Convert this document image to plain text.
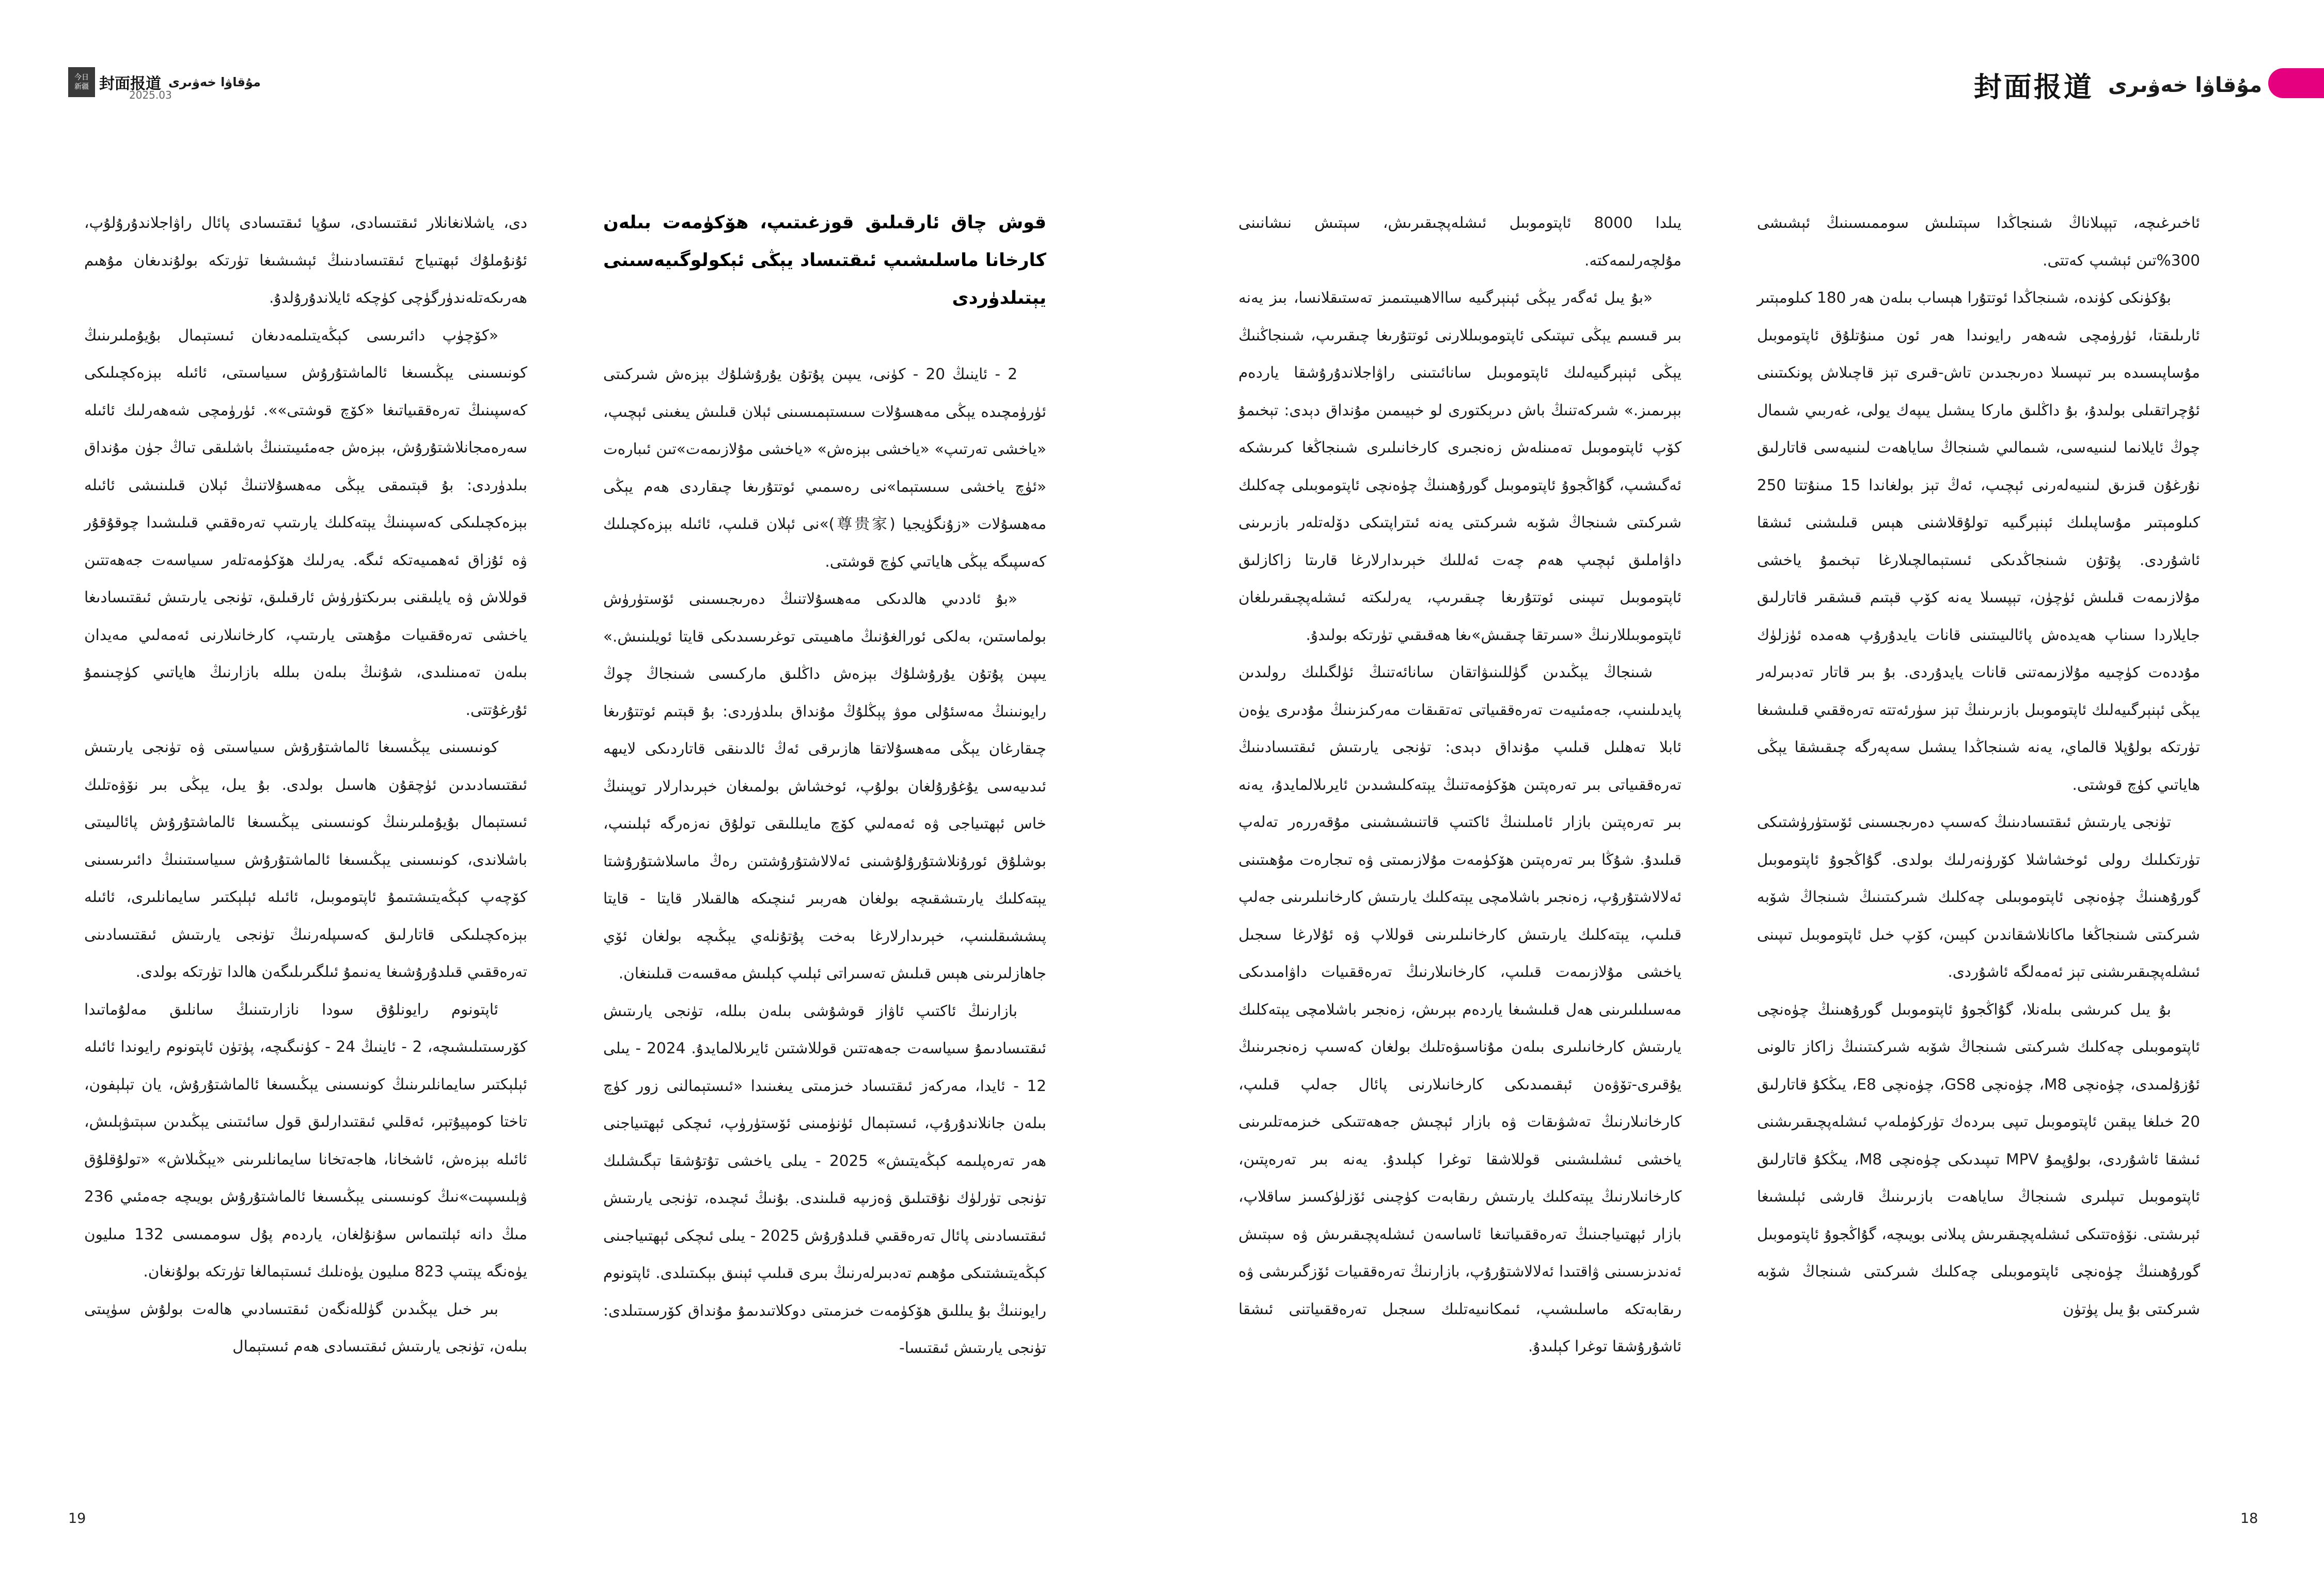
今日
新疆 封面报道 مۇقاۋا خەۋىرى
2025.03	مۇقاۋا خەۋىرى
封面报道

ئاخىرغىچە، تېپىلاناڭ شىنجاڭدا سېتىلىش سوممىسىنىڭ ئېشىشى 300%تىن ئېشىپ كەتتى.

بۇكۈنكى كۈندە، شىنجاڭدا ئوتتۇرا ھېساب بىلەن ھەر 180 كىلومېتىر ئارىلىقتا، ئۈرۈمچى شەھەر رايونىدا ھەر ئون مىنۇتلۇق ئاپتوموبىل مۇساپىسىدە بىر تىپسىلا دەرىجىدىن تاش-قىرى تېز قاچىلاش پونكىتىنى ئۇچراتقىلى بولىدۇ، بۇ داڭلىق ماركا يىشىل يىپەك يولى، غەربىي شىمال چوڭ ئايلانما لىنىيەسى، شىمالىي شىنجاڭ ساياھەت لىنىيەسى قاتارلىق نۇرغۇن قىزىق لىنىيەلەرنى ئېچىپ، ئەڭ تېز بولغاندا 15 مىنۇتتا 250 كىلومېتىر مۇساپىلىك ئېنېرگىيە تولۇقلاشنى ھېس قىلىشنى ئىشقا ئاشۇردى. پۇتۇن شىنجاڭدىكى ئىستېمالچىلارغا تېخىمۇ ياخشى مۇلازىمەت قىلىش ئۈچۈن، تېپسىلا يەنە كۆپ قېتىم قىشقىر قاتارلىق جايلاردا سىناپ ھەيدەش پائالىيىتىنى قانات يايدۇرۇپ ھەمدە ئۈزلۈك مۇددەت كۈچىيە مۇلازىمەتنى قانات يايدۇردى. بۇ بىر قاتار تەدبىرلەر يېڭى ئېنېرگىيەلىك ئاپتوموبىل بازىرىنىڭ تېز سۈرئەتتە تەرەققىي قىلىشىغا تۈرتكە بولۇپلا قالماي، يەنە شىنجاڭدا يىشىل سەپەرگە چىقىشقا يېڭى ھاياتىي كۈچ قوشتى.

تۈنجى يارىتىش ئىقتىسادىنىڭ كەسىپ دەرىجىسىنى ئۆستۈرۈشتىكى تۈرتكىلىك رولى ئوخشاشلا كۆرۈنەرلىك بولدى. گۇاڭجوۇ ئاپتوموبىل گورۇھىنىڭ چۈەنچى ئاپتوموبىلى چەكلىك شىركىتىنىڭ شىنجاڭ شۆبە شىركىتى شىنجاڭغا ماكانلاشقاندىن كېيىن، كۆپ خىل ئاپتوموبىل تىپىنى ئىشلەپچىقىرىشنى تېز ئەمەلگە ئاشۇردى.

بۇ يىل كىرىشى بىلەنلا، گۇاڭجوۇ ئاپتوموبىل گورۇھىنىڭ چۈەنچى ئاپتوموبىلى چەكلىك شىركىتى شىنجاڭ شۆبە شىركىتىنىڭ زاكاز تالونى ئۇزۇلمىدى، چۈەنچى M8، چۈەنچى GS8، چۈەنچى E8، يىڭكۇ قاتارلىق 20 خىلغا يېقىن ئاپتوموبىل تىپى بىردەك تۈركۈملەپ ئىشلەپچىقىرىشنى ئىشقا ئاشۇردى، بولۇپمۇ MPV تىپىدىكى چۈەنچى M8، يىڭكۇ قاتارلىق ئاپتوموبىل تىپلىرى شىنجاڭ ساياھەت بازىرىنىڭ قارشى ئېلىشىغا ئېرىشتى. نۆۋەتتىكى ئىشلەپچىقىرىش پىلانى بويىچە، گۇاڭجوۇ ئاپتوموبىل گورۇھىنىڭ چۈەنچى ئاپتوموبىلى چەكلىك شىركىتى شىنجاڭ شۆبە شىركىتى بۇ يىل پۈتۈن

يىلدا 8000 ئاپتوموبىل ئىشلەپچىقىرىش، سېتىش نىشانىنى مۇلچەرلىمەكتە.

«بۇ يىل ئەگەر يېڭى ئېنېرگىيە ساالاھىيىتىمىز تەستىقلانسا، بىز يەنە بىر قىسىم يېڭى تىپتىكى ئاپتوموبىللارنى ئوتتۇرىغا چىقىرىپ، شىنجاڭنىڭ يېڭى ئېنېرگىيەلىك ئاپتوموبىل سانائىتىنى راۋاجلاندۇرۇشقا ياردەم بېرىمىز.» شىركەتنىڭ باش دىرېكتورى لو خېيىمىن مۇنداق دېدى: تېخىمۇ كۆپ ئاپتوموبىل تەمىنلەش زەنجىرى كارخانىلىرى شىنجاڭغا كىرىشكە ئەگىشىپ، گۇاڭجوۇ ئاپتوموبىل گورۇھىنىڭ چۈەنچى ئاپتوموبىلى چەكلىك شىركىتى شىنجاڭ شۆبە شىركىتى يەنە ئىتراپتىكى دۆلەتلەر بازىرىنى داۋاملىق ئېچىپ ھەم چەت ئەللىك خېرىدارلارغا قارىتا زاكازلىق ئاپتوموبىل تىپىنى ئوتتۇرىغا چىقىرىپ، يەرلىكتە ئىشلەپچىقىرىلغان ئاپتوموبىللارنىڭ «سىرتقا چىقىش»ىغا ھەقىقىي تۈرتكە بولىدۇ.

شىنجاڭ يېڭىدىن گۈللىنىۋاتقان سانائەتنىڭ ئۈلگىلىك رولىدىن پايدىلىنىپ، جەمئىيەت تەرەققىياتى تەتقىقات مەركىزىنىڭ مۇدىرى يۈەن ئابلا تەھلىل قىلىپ مۇنداق دېدى: تۈنجى يارىتىش ئىقتىسادىنىڭ تەرەققىياتى بىر تەرەپتىن ھۆكۈمەتنىڭ يېتەكلىشىدىن ئايرىلالمايدۇ، يەنە بىر تەرەپتىن بازار ئامىلىنىڭ ئاكتىپ قاتنىشىشىنى مۇقەررەر تەلەپ قىلىدۇ. شۇڭا بىر تەرەپتىن ھۆكۈمەت مۇلازىمىتى ۋە تىجارەت مۇھىتىنى ئەلالاشتۇرۇپ، زەنجىر باشلامچى يېتەكلىك يارىتىش كارخانىلىرىنى جەلپ قىلىپ، يېتەكلىك يارىتىش كارخانىلىرىنى قوللاپ ۋە ئۇلارغا سىجىل ياخشى مۇلازىمەت قىلىپ، كارخانىلارنىڭ تەرەققىيات داۋامىدىكى مەسىلىلىرىنى ھەل قىلىشىغا ياردەم بېرىش، زەنجىر باشلامچى يېتەكلىك يارىتىش كارخانىلىرى بىلەن مۇناسىۋەتلىك بولغان كەسىپ زەنجىرىنىڭ يۇقىرى-تۆۋەن ئېقىمىدىكى كارخانىلارنى پائال جەلپ قىلىپ، كارخانىلارنىڭ تەشۋىقات ۋە بازار ئېچىش جەھەتتىكى خىزمەتلىرىنى ياخشى ئىشلىشىنى قوللاشقا توغرا كېلىدۇ. يەنە بىر تەرەپتىن، كارخانىلارنىڭ يېتەكلىك يارىتىش رىقابەت كۈچىنى ئۆزلۈكسىز ساقلاپ، بازار ئېھتىياجىنىڭ تەرەققىياتىغا ئاساسەن ئىشلەپچىقىرىش ۋە سېتىش ئەندىزىسىنى ۋاقتىدا ئەلالاشتۇرۇپ، بازارنىڭ تەرەققىيات ئۆزگىرىشى ۋە رىقابەتكە ماسلىشىپ، ئىمكانىيەتلىك سىجىل تەرەققىياتنى ئىشقا ئاشۇرۇشقا توغرا كېلىدۇ.

قوش چاق ئارقىلىق قوزغىتىپ، ھۆكۈمەت بىلەن كارخانا ماسلىشىپ ئىقتىساد يېڭى ئېكولوگىيەسىنى يېتىلدۈردى

2 - ئاينىڭ 20 - كۈنى، يىپىن پۇتۇن يۇرۇشلۇك بېزەش شىركىتى ئۈرۈمچىدە يېڭى مەھسۇلات سىستېمىسىنى ئېلان قىلىش يىغىنى ئېچىپ، «ياخشى تەرتىپ» «ياخشى بېزەش» «ياخشى مۇلازىمەت»تىن ئىبارەت «ئۈچ ياخشى سىستېما»نى رەسمىي ئوتتۇرىغا چىقاردى ھەم يېڭى مەھسۇلات «زۇنگۈيجيا (尊贵家)»نى ئېلان قىلىپ، ئائىلە بېزەكچىلىك كەسپىگە يېڭى ھاياتىي كۈچ قوشتى.

«بۇ ئاددىي ھالدىكى مەھسۇلاتنىڭ دەرىجىسىنى ئۆستۈرۈش بولماستىن، بەلكى ئورالغۇنىڭ ماھىيىتى توغرىسىدىكى قايتا ئويلىنىش.» يىپىن پۇتۇن يۇرۇشلۇك بېزەش داڭلىق ماركىسى شىنجاڭ چوڭ رايونىنىڭ مەسئۇلى موۋ پېڭلۇڭ مۇنداق بىلدۈردى: بۇ قېتىم ئوتتۇرىغا چىقارغان يېڭى مەھسۇلاتقا ھازىرقى ئەڭ ئالدىنقى قاتاردىكى لايىھە ئىدىيەسى يۇغۇرۇلغان بولۇپ، ئوخشاش بولمىغان خېرىدارلار توپىنىڭ خاس ئېھتىياجى ۋە ئەمەلىي كۆچ مايىللىقى تولۇق نەزەرگە ئېلىنىپ، بوشلۇق ئورۇنلاشتۇرۇلۇشىنى ئەلالاشتۇرۇشتىن رەڭ ماسلاشتۇرۇشتا يېتەكلىك يارىتىشقىچە بولغان ھەربىر ئىنچىكە ھالقىلار قايتا - قايتا پىششىقلىنىپ، خېرىدارلارغا بەخت پۇتۇنلەي يېڭىچە بولغان ئۆي جاھازلىرىنى ھېس قىلىش تەسىراتى ئېلىپ كېلىش مەقسەت قىلىنغان.

بازارنىڭ ئاكتىپ ئاۋاز قوشۇشى بىلەن بىللە، تۈنجى يارىتىش ئىقتىسادىمۇ سىياسەت جەھەتتىن قوللاشتىن ئايرىلالمايدۇ. 2024 - يىلى 12 - ئايدا، مەركەز ئىقتىساد خىزمىتى يىغىنىدا «ئىستېمالنى زور كۈچ بىلەن جانلاندۇرۇپ، ئىستېمال ئۈنۈمىنى ئۆستۈرۈپ، ئىچكى ئېھتىياجنى ھەر تەرەپلىمە كېڭەيتىش» 2025 - يىلى ياخشى تۇتۇشقا تېگىشلىك تۈنجى تۈرلۈك نۇقتىلىق ۋەزىپە قىلىندى. بۇنىڭ ئىچىدە، تۈنجى يارىتىش ئىقتىسادىنى پائال تەرەققىي قىلدۇرۇش 2025 - يىلى ئىچكى ئېھتىياجىنى كېڭەيتىشتىكى مۇھىم تەدبىرلەرنىڭ بىرى قىلىپ ئېنىق بېكىتىلدى. ئاپتونوم رايوننىڭ بۇ يىللىق ھۆكۈمەت خىزمىتى دوكلاتىدىمۇ مۇنداق كۆرسىتىلدى: تۈنجى يارىتىش ئىقتىسا-

دى، ياشلانغانلار ئىقتىسادى، سۇپا ئىقتىسادى پائال راۋاجلاندۇرۇلۇپ، ئۇنۇملۇك ئېھتىياج ئىقتىسادىنىڭ ئېشىشىغا تۈرتكە بولۇندىغان مۇھىم ھەرىكەتلەندۈرگۈچى كۈچكە ئايلاندۇرۇلدۇ.

«كۆچۈپ دائىرىسى كېڭەيتىلمەدىغان ئىستېمال بۇيۇملىرىنىڭ كونىسىنى يېڭىسىغا ئالماشتۇرۇش سىياسىتى، ئائىلە بېزەكچىلىكى كەسپىنىڭ تەرەققىياتىغا «كۆچ قوشتى»». ئۈرۈمچى شەھەرلىك ئائىلە سەرەمجانلاشتۇرۇش، بېزەش جەمئىيىتىنىڭ باشلىقى تىاڭ جۈن مۇنداق بىلدۈردى: بۇ قېتىمقى يېڭى مەھسۇلاتنىڭ ئېلان قىلىنىشى ئائىلە بېزەكچىلىكى كەسپىنىڭ يېتەكلىك يارىتىپ تەرەققىي قىلىشىدا چوقۇقۇر ۋە ئۇزاق ئەھمىيەتكە ئىگە. يەرلىك ھۆكۈمەتلەر سىياسەت جەھەتتىن قوللاش ۋە يايلىقنى بىرىكتۈرۈش ئارقىلىق، تۈنجى يارىتىش ئىقتىسادىغا ياخشى تەرەققىيات مۇھىتى يارىتىپ، كارخانىلارنى ئەمەلىي مەيدان بىلەن تەمىنلىدى، شۇنىڭ بىلەن بىللە بازارنىڭ ھاياتىي كۈچىنىمۇ ئۇرغۇتتى.

كونىسىنى يېڭىسىغا ئالماشتۇرۇش سىياسىتى ۋە تۈنجى يارىتىش ئىقتىسادىدىن ئۈچقۇن ھاسىل بولدى. بۇ يىل، يېڭى بىر نۆۋەتلىك ئىستېمال بۇيۇملىرىنىڭ كونىسىنى يېڭىسىغا ئالماشتۇرۇش پائالىيىتى باشلاندى، كونىسىنى يېڭىسىغا ئالماشتۇرۇش سىياسىتىنىڭ دائىرىسىنى كۆچەپ كېڭەيتىشتىمۇ ئاپتوموبىل، ئائىلە ئېلېكتىر سايمانلىرى، ئائىلە بېزەكچىلىكى قاتارلىق كەسىپلەرنىڭ تۈنجى يارىتىش ئىقتىسادىنى تەرەققىي قىلدۇرۇشىغا يەنىمۇ ئىلگىرىلىگەن ھالدا تۈرتكە بولدى.

ئاپتونوم رايونلۇق سودا نازارىتىنىڭ سانلىق مەلۇماتىدا كۆرسىتىلىشىچە، 2 - ئاينىڭ 24 - كۈنىگىچە، پۈتۈن ئاپتونوم رايوندا ئائىلە ئېلېكتىر سايمانلىرىنىڭ كونىسىنى يېڭىسىغا ئالماشتۇرۇش، يان تېلېفون، تاختا كومپيۇتېر، ئەقلىي ئىقتىدارلىق قول سائىتىنى يېڭىدىن سېتىۋېلىش، ئائىلە بېزەش، ئاشخانا، ھاجەتخانا سايمانلىرىنى «يېڭىلاش» «تولۇقلۇق ۋېلىسپىت»نىڭ كونىسىنى يېڭىسىغا ئالماشتۇرۇش بويىچە جەمئىي 236 مىڭ دانە ئېلتىماس سۇنۇلغان، ياردەم پۇل سوممىسى 132 مىليون يۈەنگە يېتىپ 823 مىليون يۈەنلىك ئىستېمالغا تۈرتكە بولۇنغان.

بىر خىل يېڭىدىن گۈللەنگەن ئىقتىسادىي ھالەت بولۇش سۈپىتى بىلەن، تۈنجى يارىتىش ئىقتىسادى ھەم ئىستېمال

19	18
